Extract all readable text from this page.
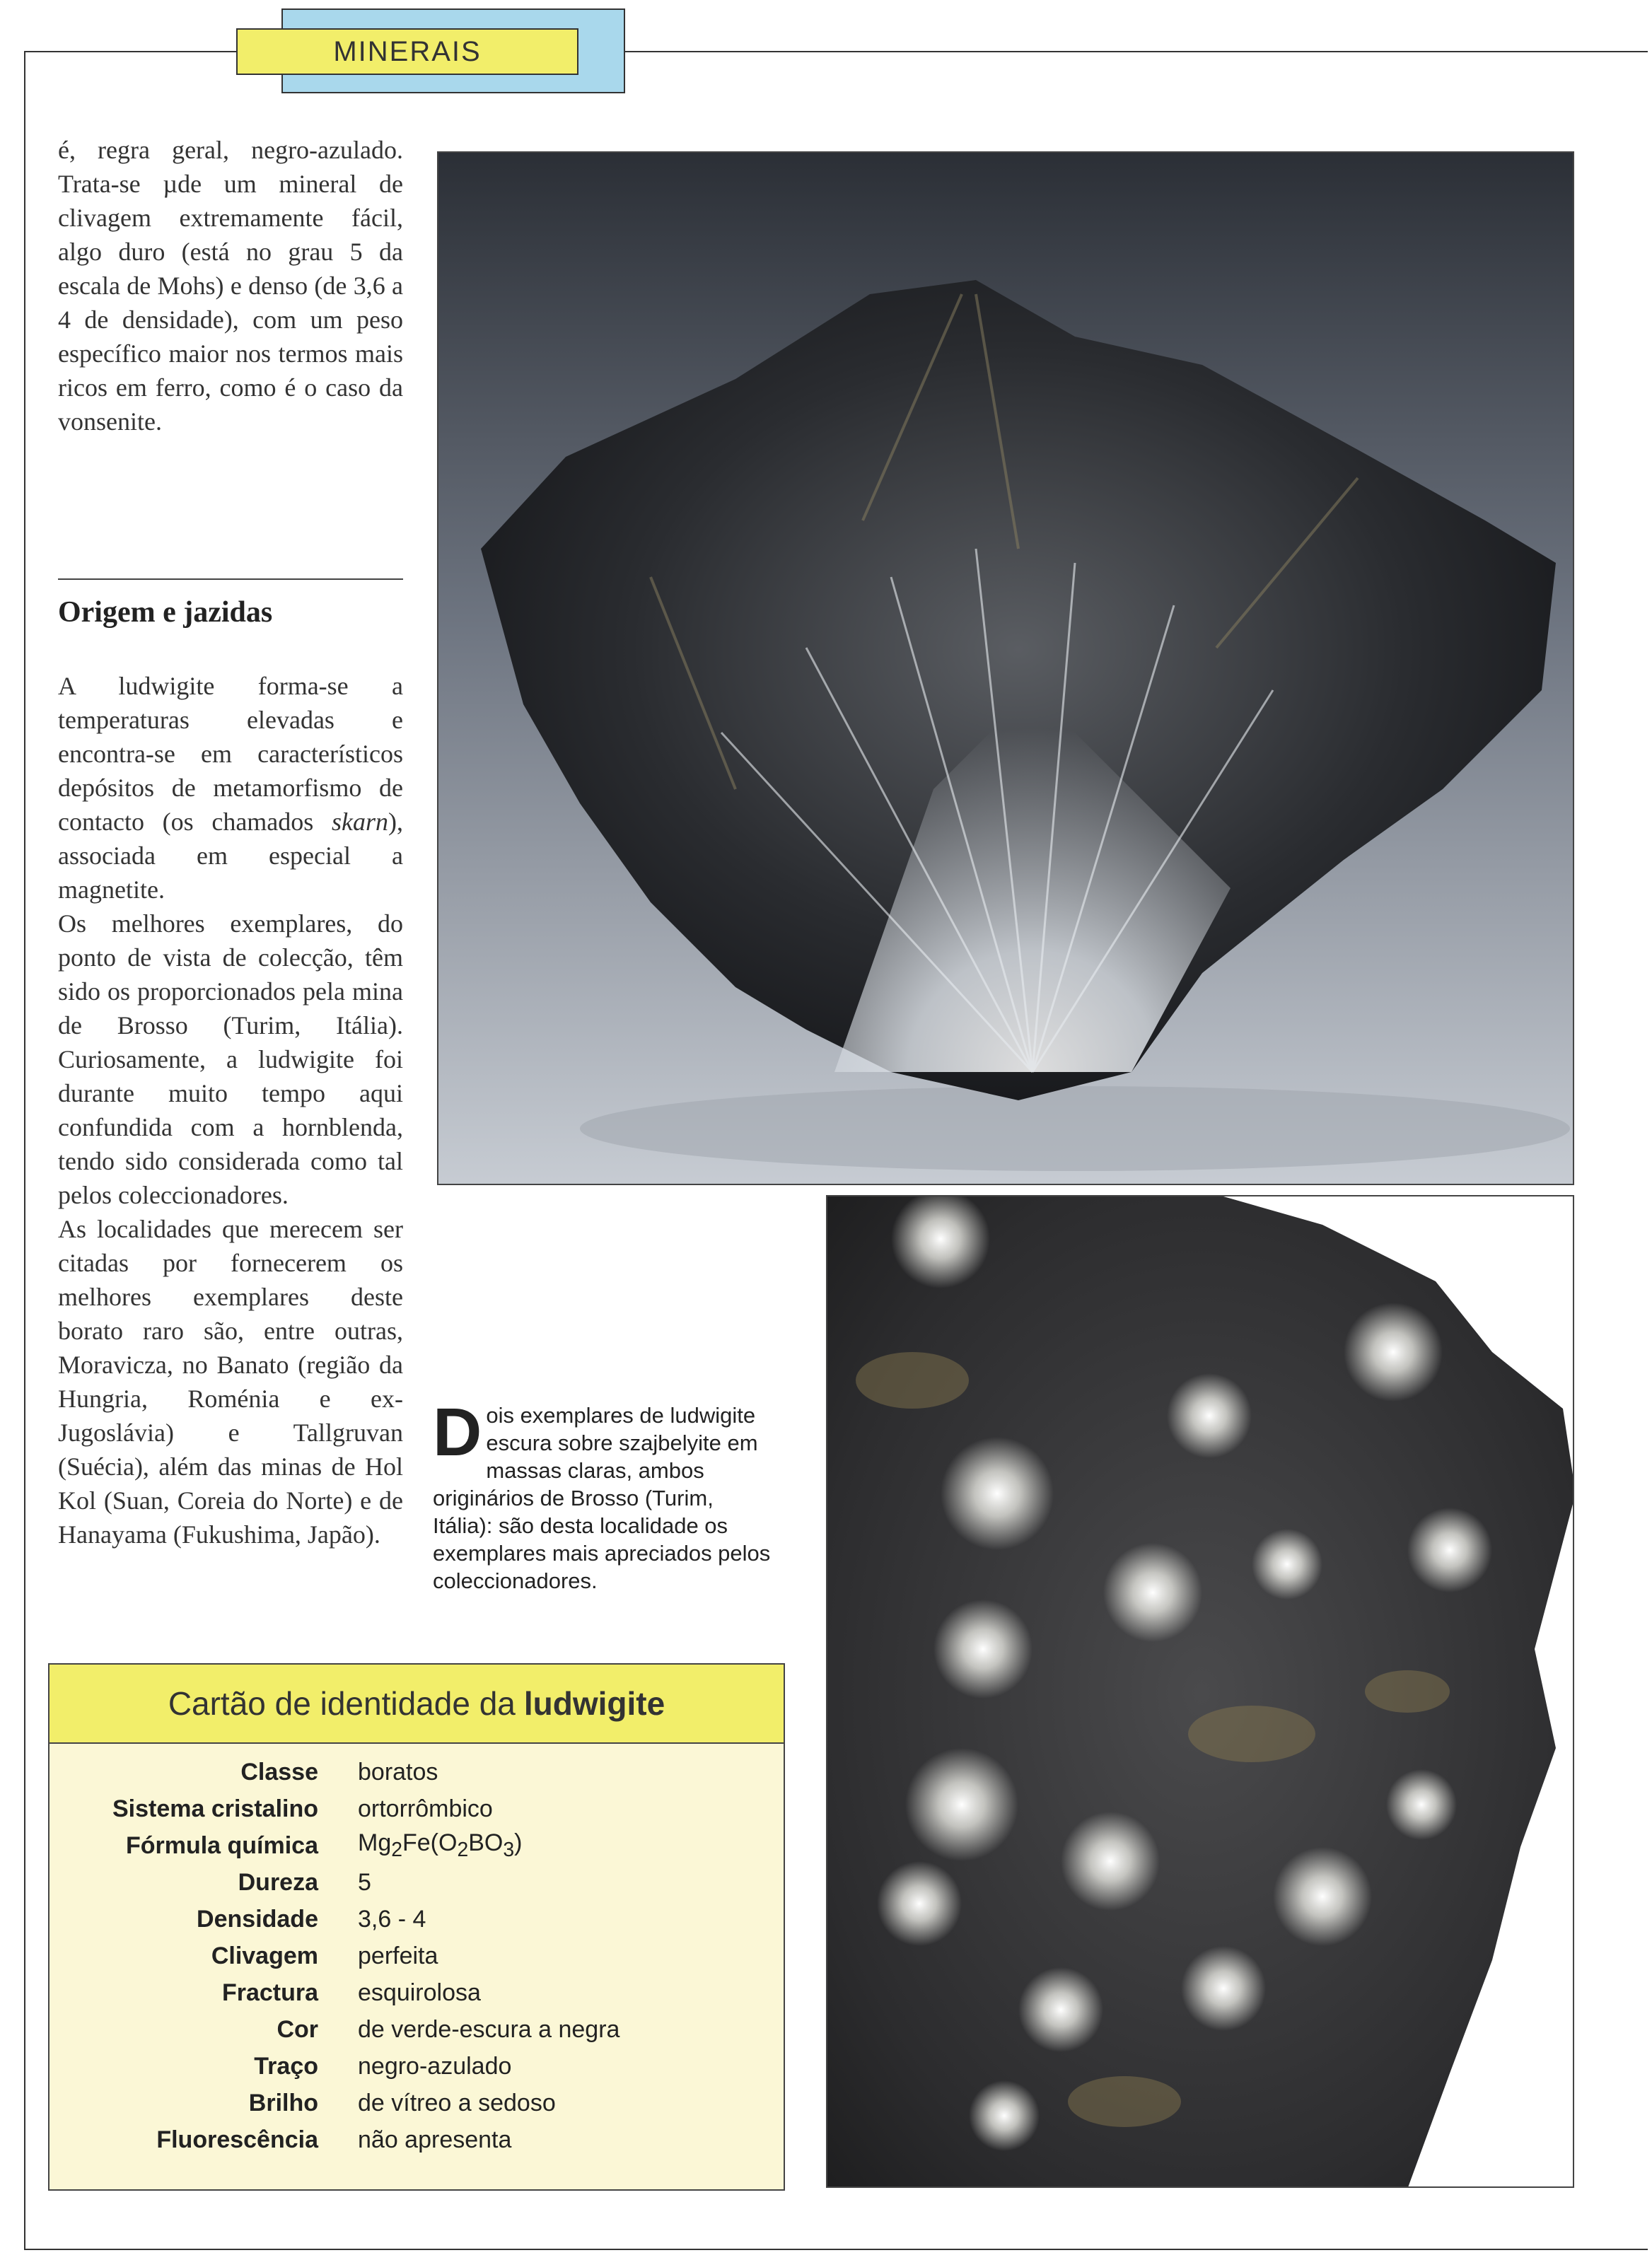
MINERAIS

é, regra geral, negro-azulado. Trata-se µde um mineral de clivagem extremamente fácil, algo duro (está no grau 5 da escala de Mohs) e denso (de 3,6 a 4 de densidade), com um peso específico maior nos termos mais ricos em ferro, como é o caso da vonsenite.

Origem e jazidas

A ludwigite forma-se a temperaturas elevadas e encontra-se em característicos depósitos de metamorfismo de contacto (os chamados skarn), associada em especial a magnetite.

Os melhores exemplares, do ponto de vista de colecção, têm sido os proporcionados pela mina de Brosso (Turim, Itália). Curiosamente, a ludwigite foi durante muito tempo aqui confundida com a hornblenda, tendo sido considerada como tal pelos coleccionadores.

As localidades que merecem ser citadas por fornecerem os melhores exemplares deste borato raro são, entre outras, Moravicza, no Banato (região da Hungria, Roménia e ex-Jugoslávia) e Tallgruvan (Suécia), além das minas de Hol Kol (Suan, Coreia do Norte) e de Hanayama (Fukushima, Japão).

Dois exemplares de ludwigite escura sobre szajbelyite em massas claras, ambos originários de Brosso (Turim, Itália): são desta localidade os exemplares mais apreciados pelos coleccionadores.
Cartão de identidade da ludwigite
Classe	boratos
Sistema cristalino	ortorrômbico
Fórmula química	$Mg_2Fe(O_2BO_3)$
Dureza	5
Densidade	3,6 - 4
Clivagem	perfeita
Fractura	esquirolosa
Cor	de verde-escura a negra
Traço	negro-azulado
Brilho	de vítreo a sedoso
Fluorescência	não apresenta
